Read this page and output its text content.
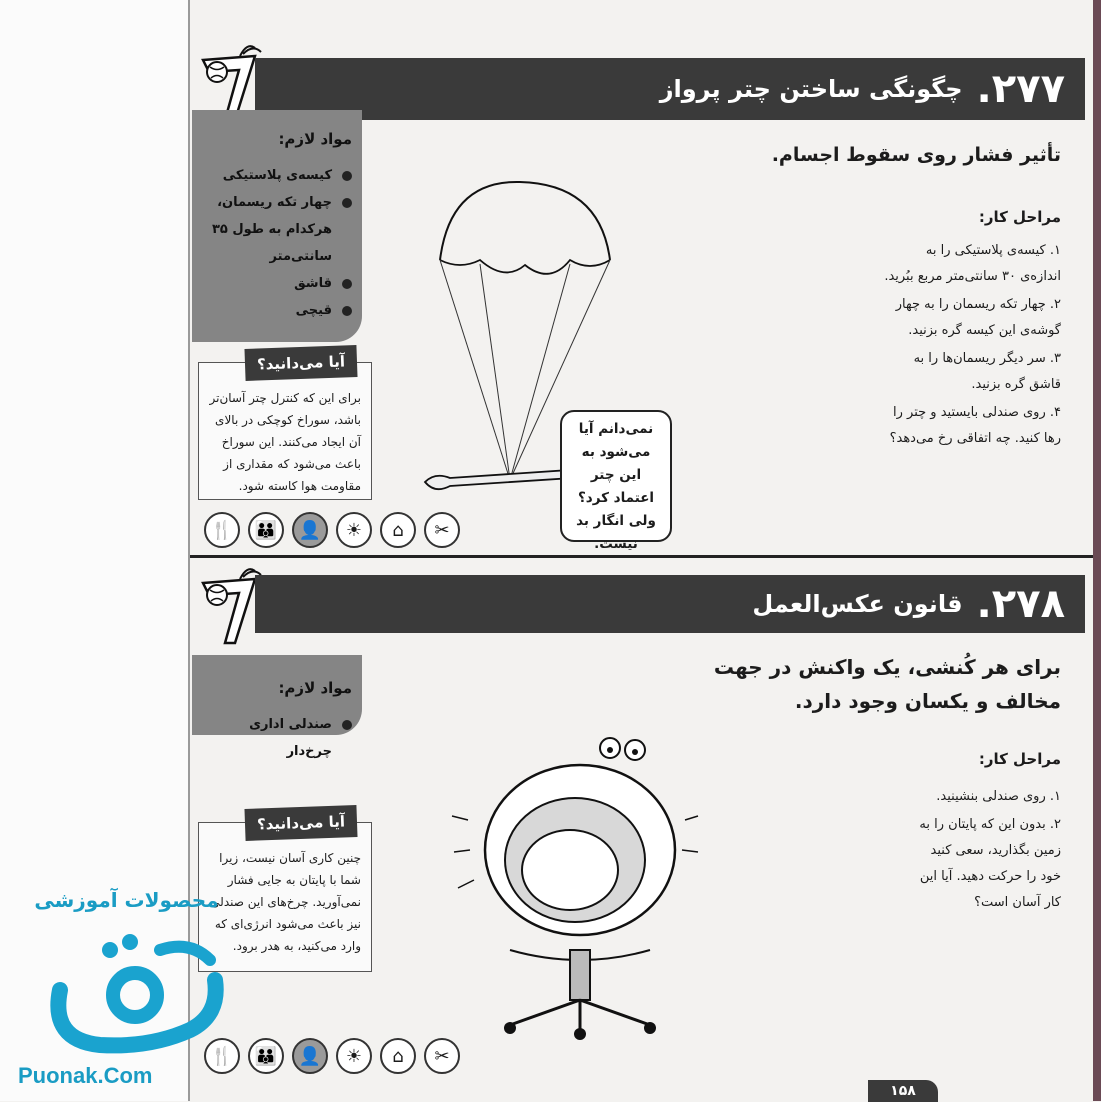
۲۷۷.
چگونگی ساختن چتر پرواز
مواد لازم:
کیسه‌ی پلاستیکی
چهار تکه ریسمان، هرکدام به طول ۳۵ سانتی‌متر
قاشق
قیچی
آیا می‌دانید؟
برای این که کنترل چتر آسان‌تر باشد، سوراخ کوچکی در بالای آن ایجاد می‌کنند. این سوراخ باعث می‌شود که مقداری از مقاومت هوا کاسته شود.
🍴	👪	👤	☀	⌂	✂
تأثیر فشار روی سقوط اجسام.
مراحل کار:

۱. کیسه‌ی پلاستیکی را به اندازه‌ی ۳۰ سانتی‌متر مربع ببُرید.

۲. چهار تکه ریسمان را به چهار گوشه‌ی این کیسه گره بزنید.

۳. سر دیگر ریسمان‌ها را به قاشق گره بزنید.

۴. روی صندلی بایستید و چتر را رها کنید. چه اتفاقی رخ می‌دهد؟

نمی‌دانم آیا می‌شود به این چتر اعتماد کرد؟ ولی انگار بد نیست.
۲۷۸.
قانون عکس‌العمل
مواد لازم:
صندلی اداری چرخ‌دار
آیا می‌دانید؟
چنین کاری آسان نیست، زیرا شما با پایتان به جایی فشار نمی‌آورید. چرخ‌های این صندلی نیز باعث می‌شود انرژی‌ای که وارد می‌کنید، به هدر برود.
برای هر کُنشی، یک واکنش در جهت مخالف و یکسان وجود دارد.
مراحل کار:

۱. روی صندلی بنشینید.

۲. بدون این که پایتان را به زمین بگذارید، سعی کنید خود را حرکت دهید. آیا این کار آسان است؟

🍴	👪	👤	☀	⌂	✂
۱۵۸
محصولات آموزشی
Puonak.Com
